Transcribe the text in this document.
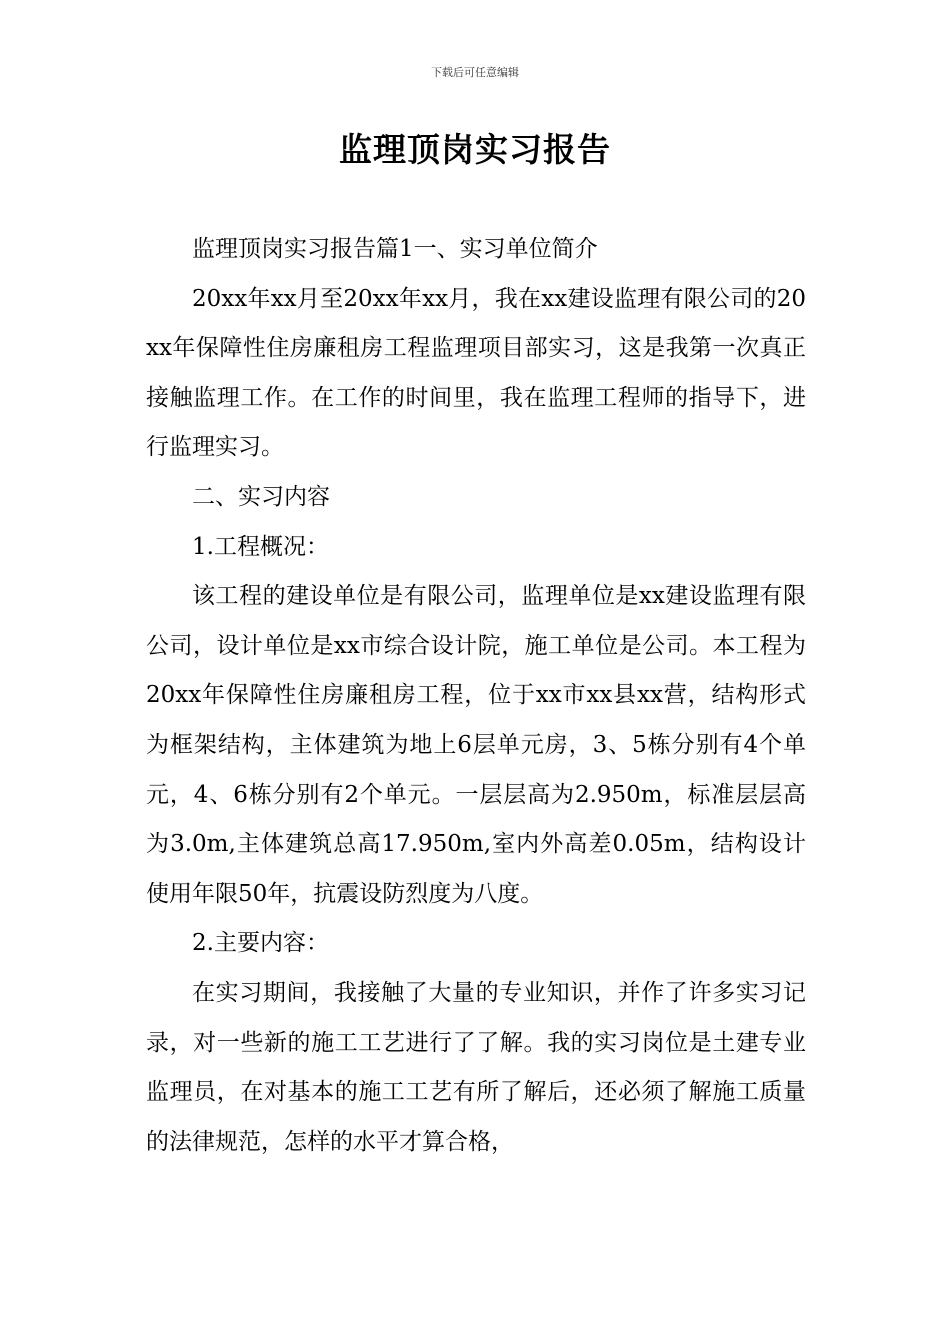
下载后可任意编辑
监理顶岗实习报告

监理顶岗实习报告篇1一、实习单位简介

20xx年xx月至20xx年xx月，我在xx建设监理有限公司的20xx年保障性住房廉租房工程监理项目部实习，这是我第一次真正接触监理工作。在工作的时间里，我在监理工程师的指导下，进行监理实习。

二、实习内容

1.工程概况：

该工程的建设单位是有限公司，监理单位是xx建设监理有限公司，设计单位是xx市综合设计院，施工单位是公司。本工程为20xx年保障性住房廉租房工程，位于xx市xx县xx营，结构形式为框架结构，主体建筑为地上6层单元房，3、5栋分别有4个单元，4、6栋分别有2个单元。一层层高为2.950m，标准层层高为3.0m,主体建筑总高17.950m,室内外高差0.05m，结构设计使用年限50年，抗震设防烈度为八度。

2.主要内容：

在实习期间，我接触了大量的专业知识，并作了许多实习记录，对一些新的施工工艺进行了了解。我的实习岗位是土建专业监理员，在对基本的施工工艺有所了解后，还必须了解施工质量的法律规范，怎样的水平才算合格，
